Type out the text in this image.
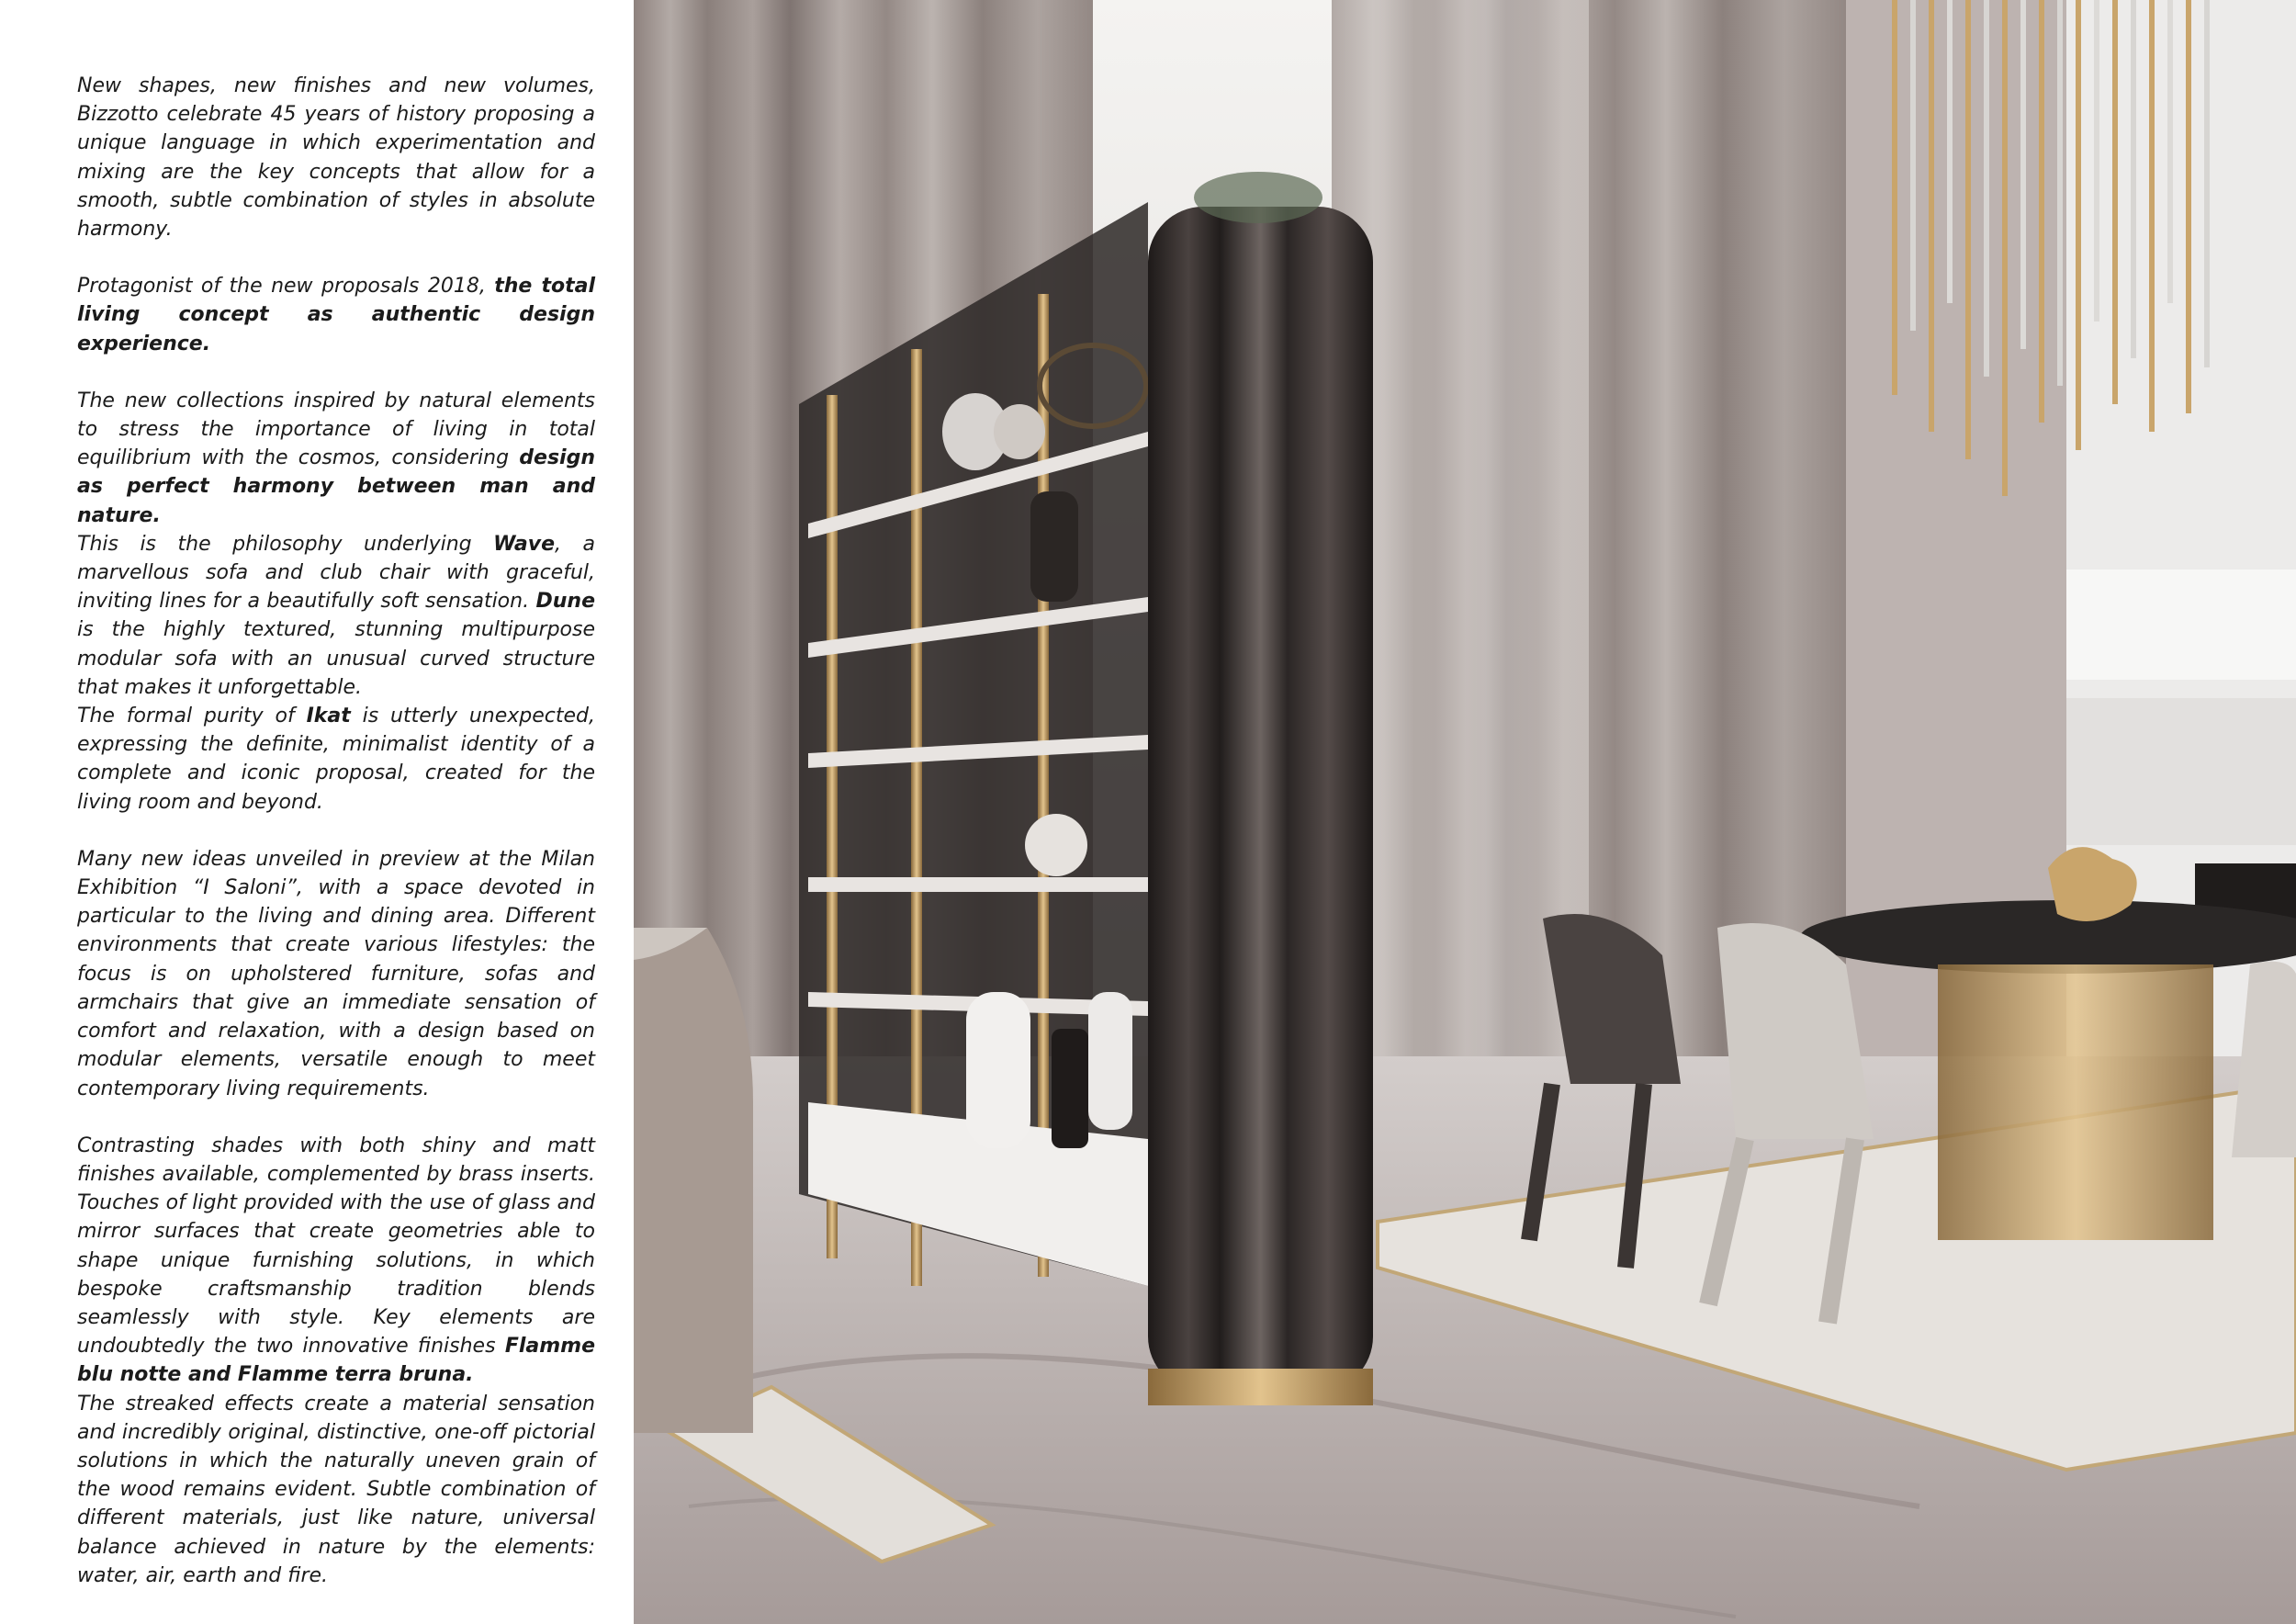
New shapes, new finishes and new volumes, Bizzotto celebrate 45 years of history proposing a unique language in which experimentation and mixing are the key concepts that allow for a smooth, subtle combination of styles in absolute harmony.

Protagonist of the new proposals 2018, the total living concept as authentic design experience.

The new collections inspired by natural elements to stress the importance of living in total equilibrium with the cosmos, considering design as perfect harmony between man and nature.

This is the philosophy underlying Wave, a marvellous sofa and club chair with graceful, inviting lines for a beautifully soft sensation. Dune is the highly textured, stunning multipurpose modular sofa with an unusual curved structure that makes it unforgettable.

The formal purity of Ikat is utterly unexpected, expressing the definite, minimalist identity of a complete and iconic proposal, created for the living room and beyond.

Many new ideas unveiled in preview at the Milan Exhibition “I Saloni”, with a space devoted in particular to the living and dining area. Different environments that create various lifestyles: the focus is on upholstered furniture, sofas and armchairs that give an immediate sensation of comfort and relaxation, with a design based on modular elements, versatile enough to meet contemporary living requirements.

Contrasting shades with both shiny and matt finishes available, complemented by brass inserts. Touches of light provided with the use of glass and mirror surfaces that create geometries able to shape unique furnishing solutions, in which bespoke craftsmanship tradition blends seamlessly with style. Key elements are undoubtedly the two innovative finishes Flamme blu notte and Flamme terra bruna.

The streaked effects create a material sensation and incredibly original, distinctive, one-off pictorial solutions in which the naturally uneven grain of the wood remains evident. Subtle combination of different materials, just like nature, universal balance achieved in nature by the elements: water, air, earth and fire.
